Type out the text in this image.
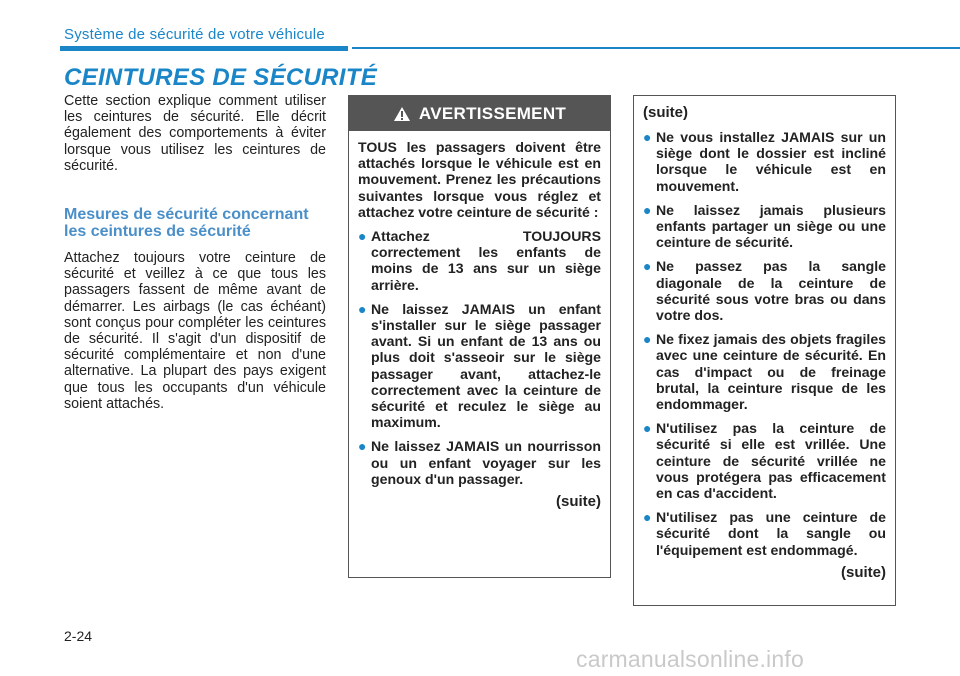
Système de sécurité de votre véhicule
CEINTURES DE SÉCURITÉ

Cette section explique comment utiliser les ceintures de sécurité. Elle décrit également des comportements à éviter lorsque vous utilisez les ceintures de sécurité.

Mesures de sécurité concernant les ceintures de sécurité

Attachez toujours votre ceinture de sécurité et veillez à ce que tous les passagers fassent de même avant de démarrer. Les airbags (le cas échéant) sont conçus pour compléter les ceintures de sécurité. Il s'agit d'un dispositif de sécurité complémentaire et non d'une alternative. La plupart des pays exigent que tous les occupants d'un véhicule soient attachés.

AVERTISSEMENT

TOUS les passagers doivent être attachés lorsque le véhicule est en mouvement. Prenez les précautions suivantes lorsque vous réglez et attachez votre ceinture de sécurité :

● Attachez TOUJOURS correctement les enfants de moins de 13 ans sur un siège arrière.
● Ne laissez JAMAIS un enfant s'installer sur le siège passager avant. Si un enfant de 13 ans ou plus doit s'asseoir sur le siège passager avant, attachez-le correctement avec la ceinture de sécurité et reculez le siège au maximum.
● Ne laissez JAMAIS un nourrisson ou un enfant voyager sur les genoux d'un passager.
(suite)
(suite)
● Ne vous installez JAMAIS sur un siège dont le dossier est incliné lorsque le véhicule est en mouvement.
● Ne laissez jamais plusieurs enfants partager un siège ou une ceinture de sécurité.
● Ne passez pas la sangle diagonale de la ceinture de sécurité sous votre bras ou dans votre dos.
● Ne fixez jamais des objets fragiles avec une ceinture de sécurité. En cas d'impact ou de freinage brutal, la ceinture risque de les endommager.
● N'utilisez pas la ceinture de sécurité si elle est vrillée. Une ceinture de sécurité vrillée ne vous protégera pas efficacement en cas d'accident.
● N'utilisez pas une ceinture de sécurité dont la sangle ou l'équipement est endommagé.
(suite)
2-24
carmanualsonline.info
